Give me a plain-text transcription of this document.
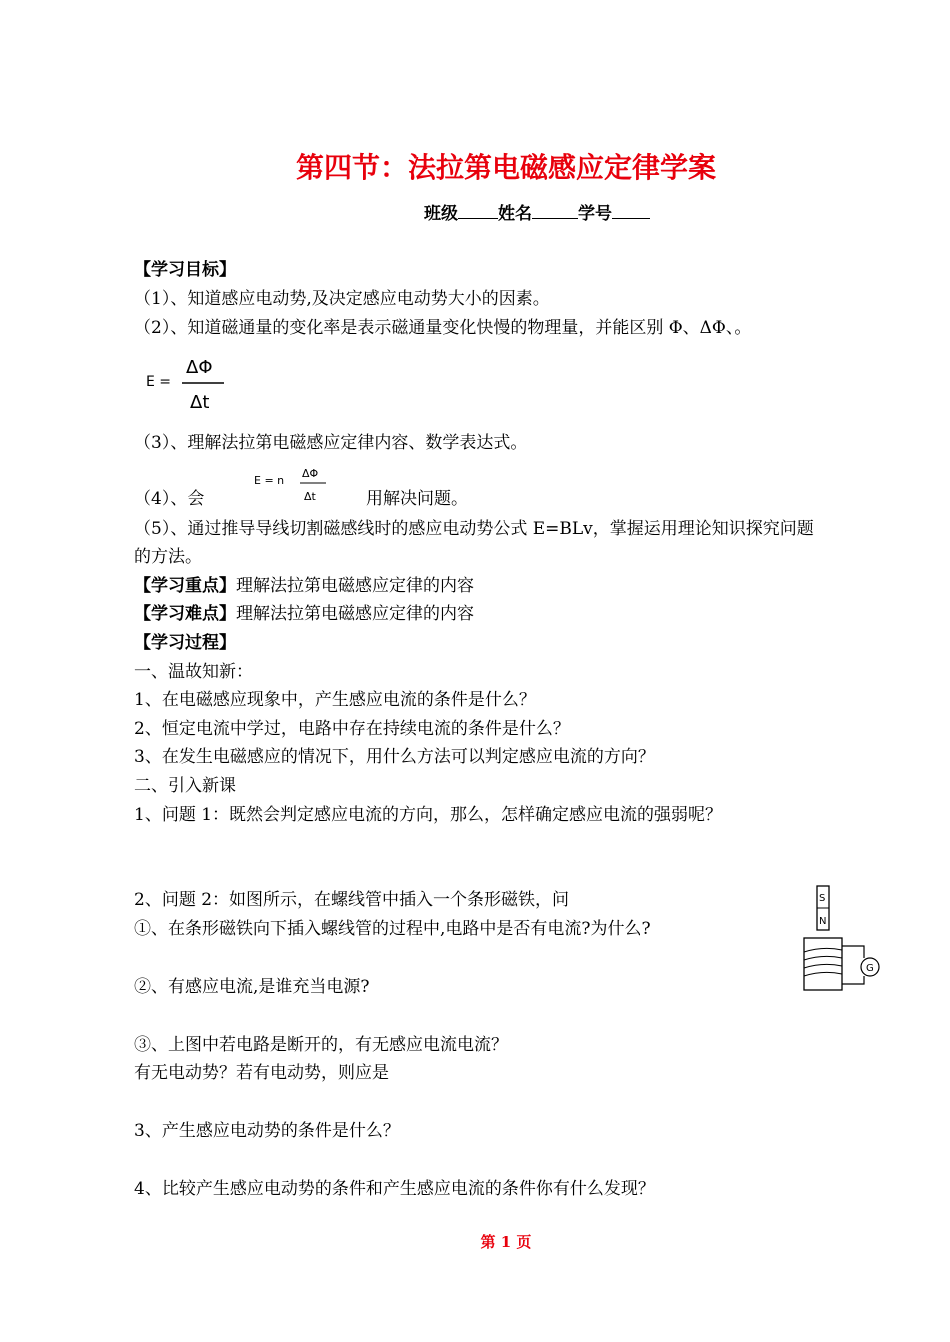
第四节：法拉第电磁感应定律学案
班级 姓名	学号
【学习目标】
（1）、知道感应电动势,及决定感应电动势大小的因素。
（2）、知道磁通量的变化率是表示磁通量变化快慢的物理量，并能区别 Φ、ΔΦ、。
E =
ΔΦ
Δt
（3）、理解法拉第电磁感应定律内容、数学表达式。
（4）、会
E = n
ΔΦ
Δt	用解决问题。
（5）、通过推导导线切割磁感线时的感应电动势公式 E=BLv，掌握运用理论知识探究问题
的方法。
【学习重点】理解法拉第电磁感应定律的内容
【学习难点】理解法拉第电磁感应定律的内容
【学习过程】
一、温故知新：
1、在电磁感应现象中，产生感应电流的条件是什么？
2、恒定电流中学过，电路中存在持续电流的条件是什么？
3、在发生电磁感应的情况下，用什么方法可以判定感应电流的方向？
二、引入新课
1、问题 1：既然会判定感应电流的方向，那么，怎样确定感应电流的强弱呢？
2、问题 2：如图所示，在螺线管中插入一个条形磁铁，问
①、在条形磁铁向下插入螺线管的过程中,电路中是否有电流?为什么?
②、有感应电流,是谁充当电源?
③、上图中若电路是断开的，有无感应电流电流？
有无电动势？若有电动势，则应是
3、产生感应电动势的条件是什么？
4、比较产生感应电动势的条件和产生感应电流的条件你有什么发现？
S
N
G
第 1 页
